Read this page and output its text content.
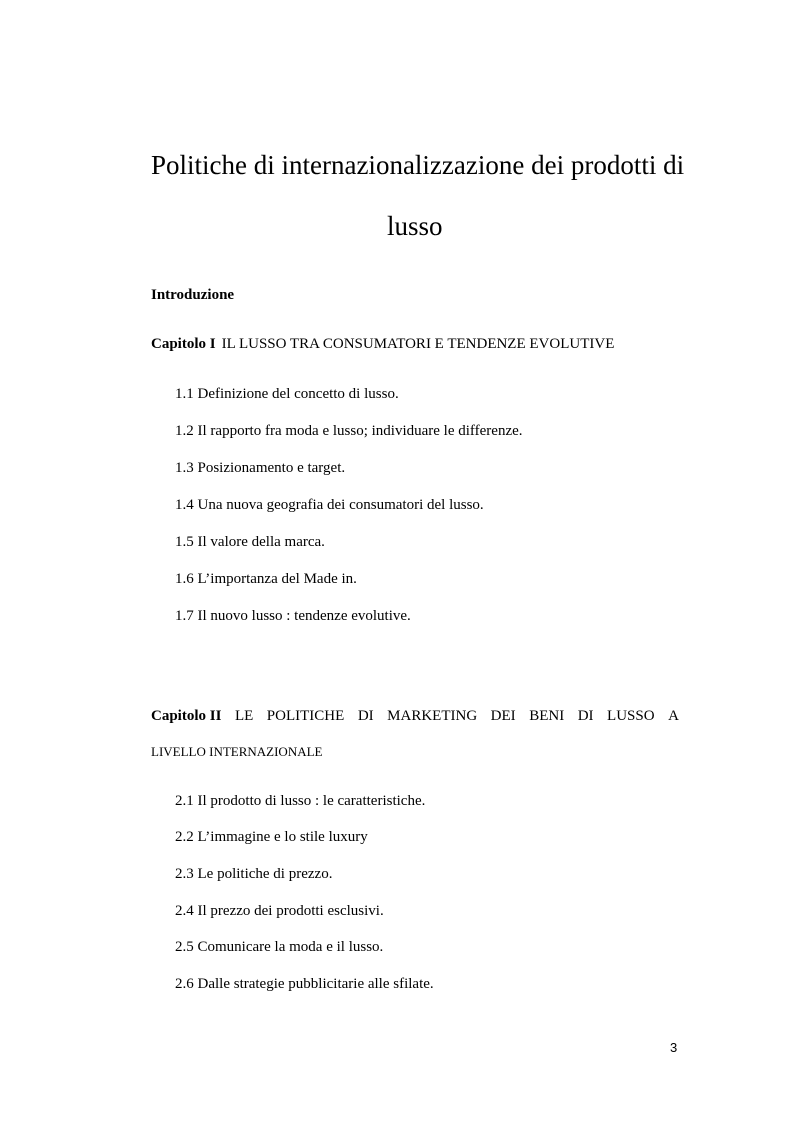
Politiche di internazionalizzazione dei prodotti di
lusso
Introduzione
Capitolo I IL LUSSO TRA CONSUMATORI E TENDENZE EVOLUTIVE
1.1 Definizione del concetto di lusso.
1.2 Il rapporto fra moda e lusso; individuare le differenze.
1.3 Posizionamento e target.
1.4 Una nuova geografia dei consumatori del lusso.
1.5 Il valore della marca.
1.6 L’importanza del Made in.
1.7 Il nuovo lusso : tendenze evolutive.
Capitolo II LE POLITICHE DI MARKETING DEI BENI DI LUSSO A
LIVELLO INTERNAZIONALE
2.1 Il prodotto di lusso : le caratteristiche.
2.2 L’immagine e lo stile luxury
2.3 Le politiche di prezzo.
2.4 Il prezzo dei prodotti esclusivi.
2.5 Comunicare la moda e il lusso.
2.6 Dalle strategie pubblicitarie alle sfilate.
3
